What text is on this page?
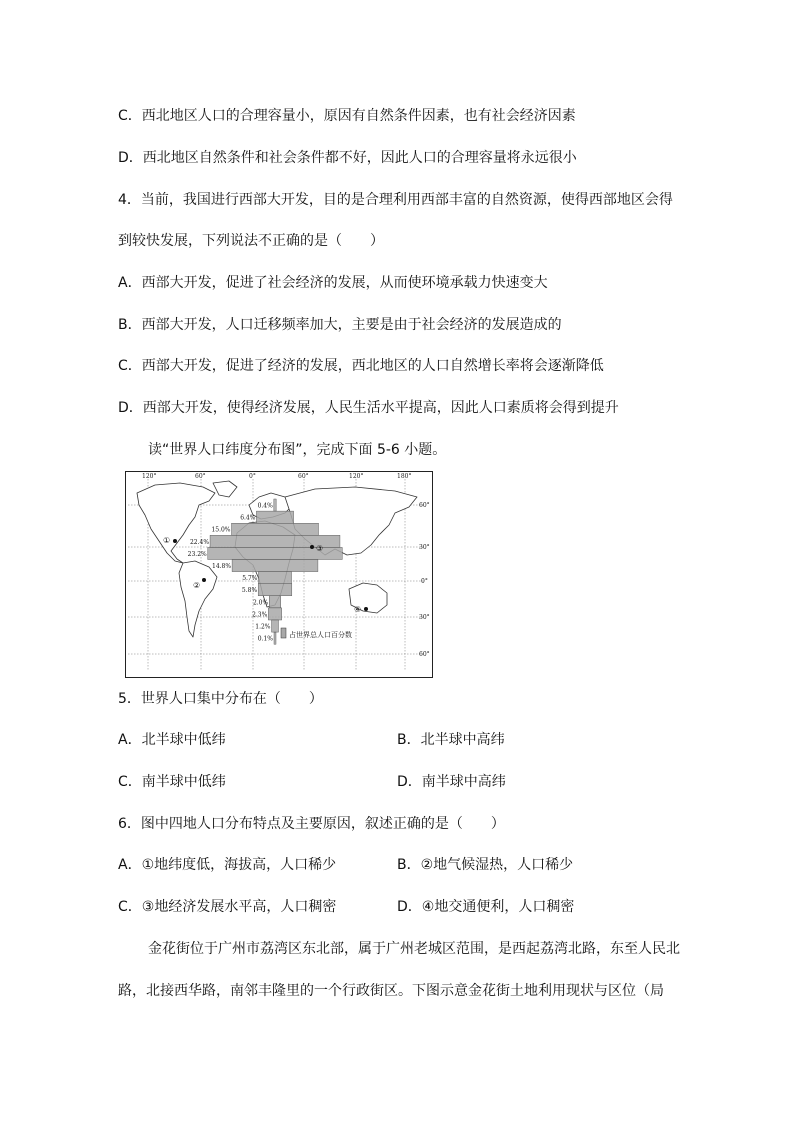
C．西北地区人口的合理容量小，原因有自然条件因素，也有社会经济因素
D．西北地区自然条件和社会条件都不好，因此人口的合理容量将永远很小
4．当前，我国进行西部大开发，目的是合理利用西部丰富的自然资源，使得西部地区会得
到较快发展，下列说法不正确的是（　　）
A．西部大开发，促进了社会经济的发展，从而使环境承载力快速变大
B．西部大开发，人口迁移频率加大，主要是由于社会经济的发展造成的
C．西部大开发，促进了经济的发展，西北地区的人口自然增长率将会逐渐降低
D．西部大开发，使得经济发展，人民生活水平提高，因此人口素质将会得到提升
读“世界人口纬度分布图”，完成下面 5-6 小题。
120°	60°	0°	60°	120°	180°
60°
30°
0°
30°
60°
0.4%
6.4%
15.0%
22.4%
23.2%
14.8%
5.7%
5.8%
2.0%
2.3%
1.2%
0.1%
①
②
③
④
占世界总人口百分数
5．世界人口集中分布在（　　）
A．北半球中低纬	B．北半球中高纬
C．南半球中低纬	D．南半球中高纬
6．图中四地人口分布特点及主要原因，叙述正确的是（　　）
A．①地纬度低，海拔高，人口稀少	B．②地气候湿热，人口稀少
C．③地经济发展水平高，人口稠密	D．④地交通便利，人口稠密
金花街位于广州市荔湾区东北部，属于广州老城区范围，是西起荔湾北路，东至人民北
路，北接西华路，南邻丰隆里的一个行政街区。下图示意金花街土地利用现状与区位（局
